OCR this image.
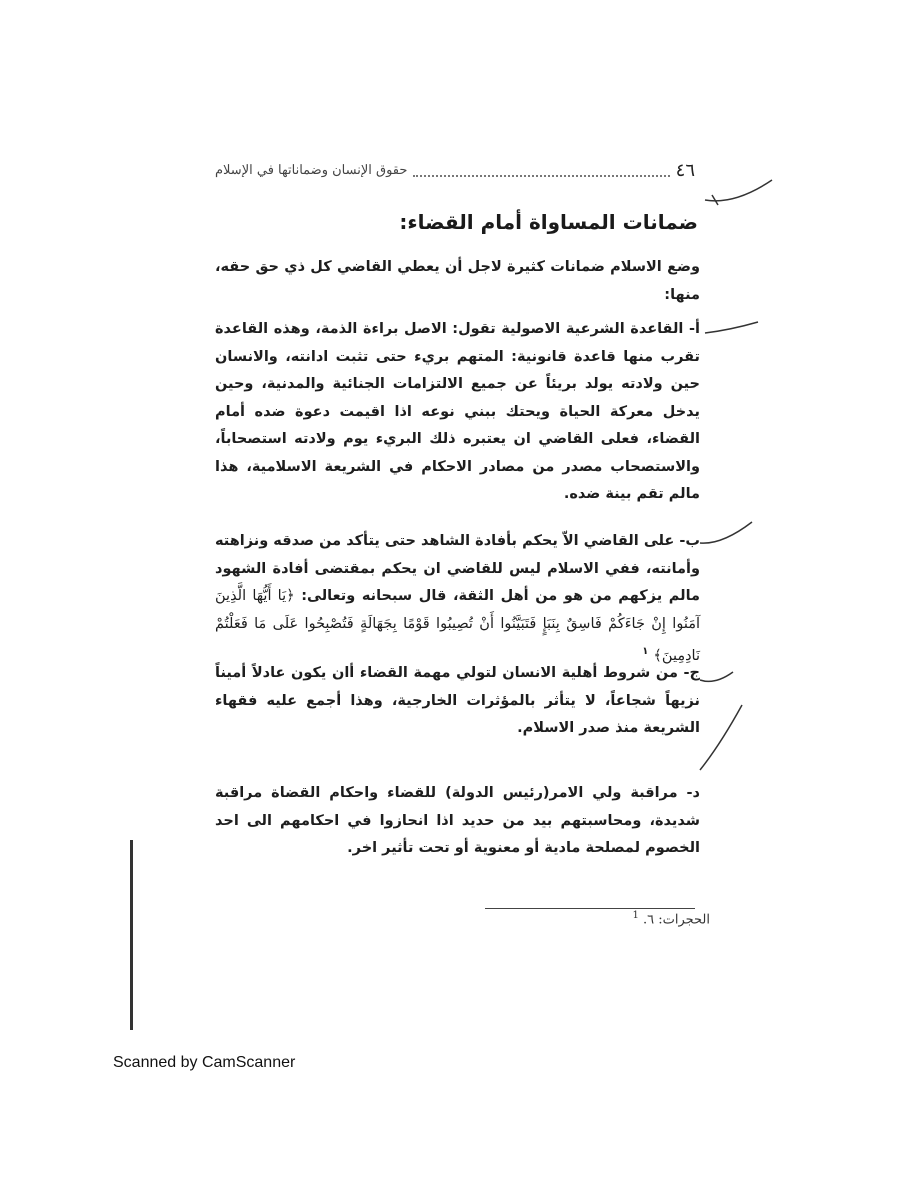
٤٦
حقوق الإنسان وضماناتها في الإسلام
ضمانات المساواة أمام القضاء:
وضع الاسلام ضمانات كثيرة لاجل أن يعطي القاضي كل ذي حق حقه، منها:
أ- القاعدة الشرعية الاصولية تقول: الاصل براءة الذمة، وهذه القاعدة تقرب منها قاعدة قانونية: المتهم بريء حتى تثبت ادانته، والانسان حين ولادته يولد بريئاً عن جميع الالتزامات الجنائية والمدنية، وحين يدخل معركة الحياة ويحتك ببني نوعه اذا اقيمت دعوة ضده أمام القضاء، فعلى القاضي ان يعتبره ذلك البريء يوم ولادته استصحاباً، والاستصحاب مصدر من مصادر الاحكام في الشريعة الاسلامية، هذا مالم تقم بينة ضده.
ب- على القاضي الاّ يحكم بأفادة الشاهد حتى يتأكد من صدقه ونزاهته وأمانته، ففي الاسلام ليس للقاضي ان يحكم بمقتضى أفادة الشهود مالم يزكهم من هو من أهل الثقة، قال سبحانه وتعالى: ﴿يَا أَيُّهَا الَّذِينَ آمَنُوا إِنْ جَاءَكُمْ فَاسِقٌ بِنَبَإٍ فَتَبَيَّنُوا أَنْ تُصِيبُوا قَوْمًا بِجَهَالَةٍ فَتُصْبِحُوا عَلَى مَا فَعَلْتُمْ نَادِمِينَ﴾ $^١$
ج- من شروط أهلية الانسان لتولي مهمة القضاء أان يكون عادلاً أميناً نزيهاً شجاعاً، لا يتأثر بالمؤثرات الخارجية، وهذا أجمع عليه فقهاء الشريعة منذ صدر الاسلام.
د- مراقبة ولي الامر(رئيس الدولة) للقضاء واحكام القضاة مراقبة شديدة، ومحاسبتهم بيد من حديد اذا انحازوا في احكامهم الى احد الخصوم لمصلحة مادية أو معنوية أو تحت تأثير اخر.
الحجرات: ٦. $^1$
Scanned by CamScanner
